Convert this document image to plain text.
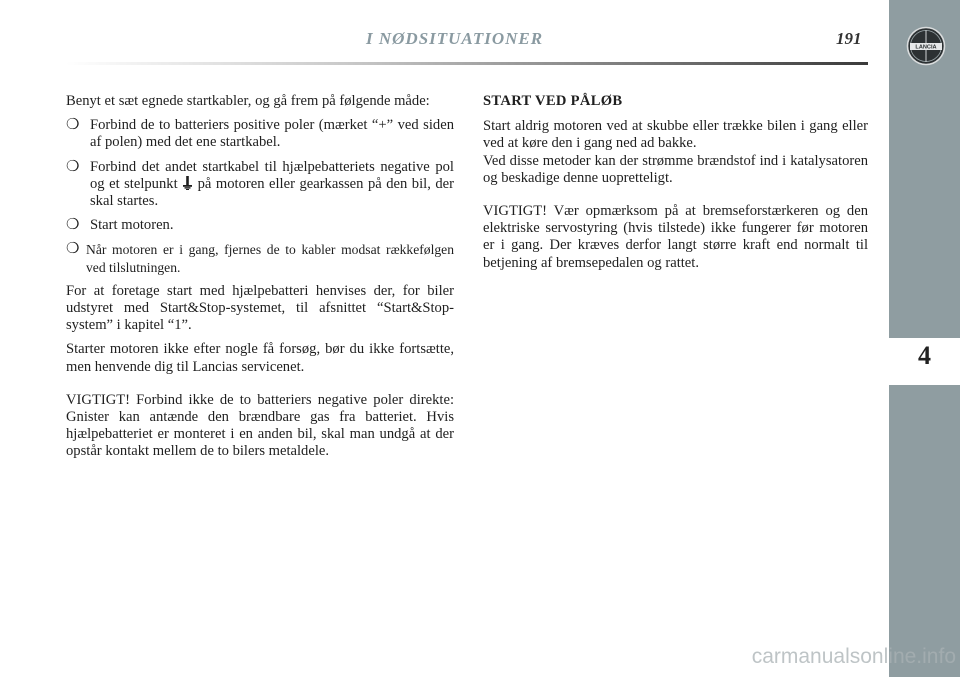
I NØDSITUATIONER	191	LANCIA
4

Benyt et sæt egnede startkabler, og gå frem på følgende måde:

❍ Forbind de to batteriers positive poler (mærket “+” ved siden af polen) med det ene startkabel.
❍ Forbind det andet startkabel til hjælpebatteriets negative pol og et stelpunkt på motoren eller gearkassen på den bil, der skal startes.
❍ Start motoren.
❍ Når motoren er i gang, fjernes de to kabler modsat rækkefølgen ved tilslutningen.

For at foretage start med hjælpebatteri henvises der, for biler udstyret med Start&Stop-systemet, til afsnittet “Start&Stop-system” i kapitel “1”.

Starter motoren ikke efter nogle få forsøg, bør du ikke fortsætte, men henvende dig til Lancias servicenet.

VIGTIGT! Forbind ikke de to batteriers negative poler direkte: Gnister kan antænde den brændbare gas fra batteriet. Hvis hjælpebatteriet er monteret i en anden bil, skal man undgå at der opstår kontakt mellem de to bilers metaldele.

START VED PÅLØB

Start aldrig motoren ved at skubbe eller trække bilen i gang eller ved at køre den i gang ned ad bakke.

Ved disse metoder kan der strømme brændstof ind i katalysatoren og beskadige denne uopretteligt.

VIGTIGT! Vær opmærksom på at bremseforstærkeren og den elektriske servostyring (hvis tilstede) ikke fungerer før motoren er i gang. Der kræves derfor langt større kraft end normalt til betjening af bremsepedalen og rattet.

carmanualsonline.info
